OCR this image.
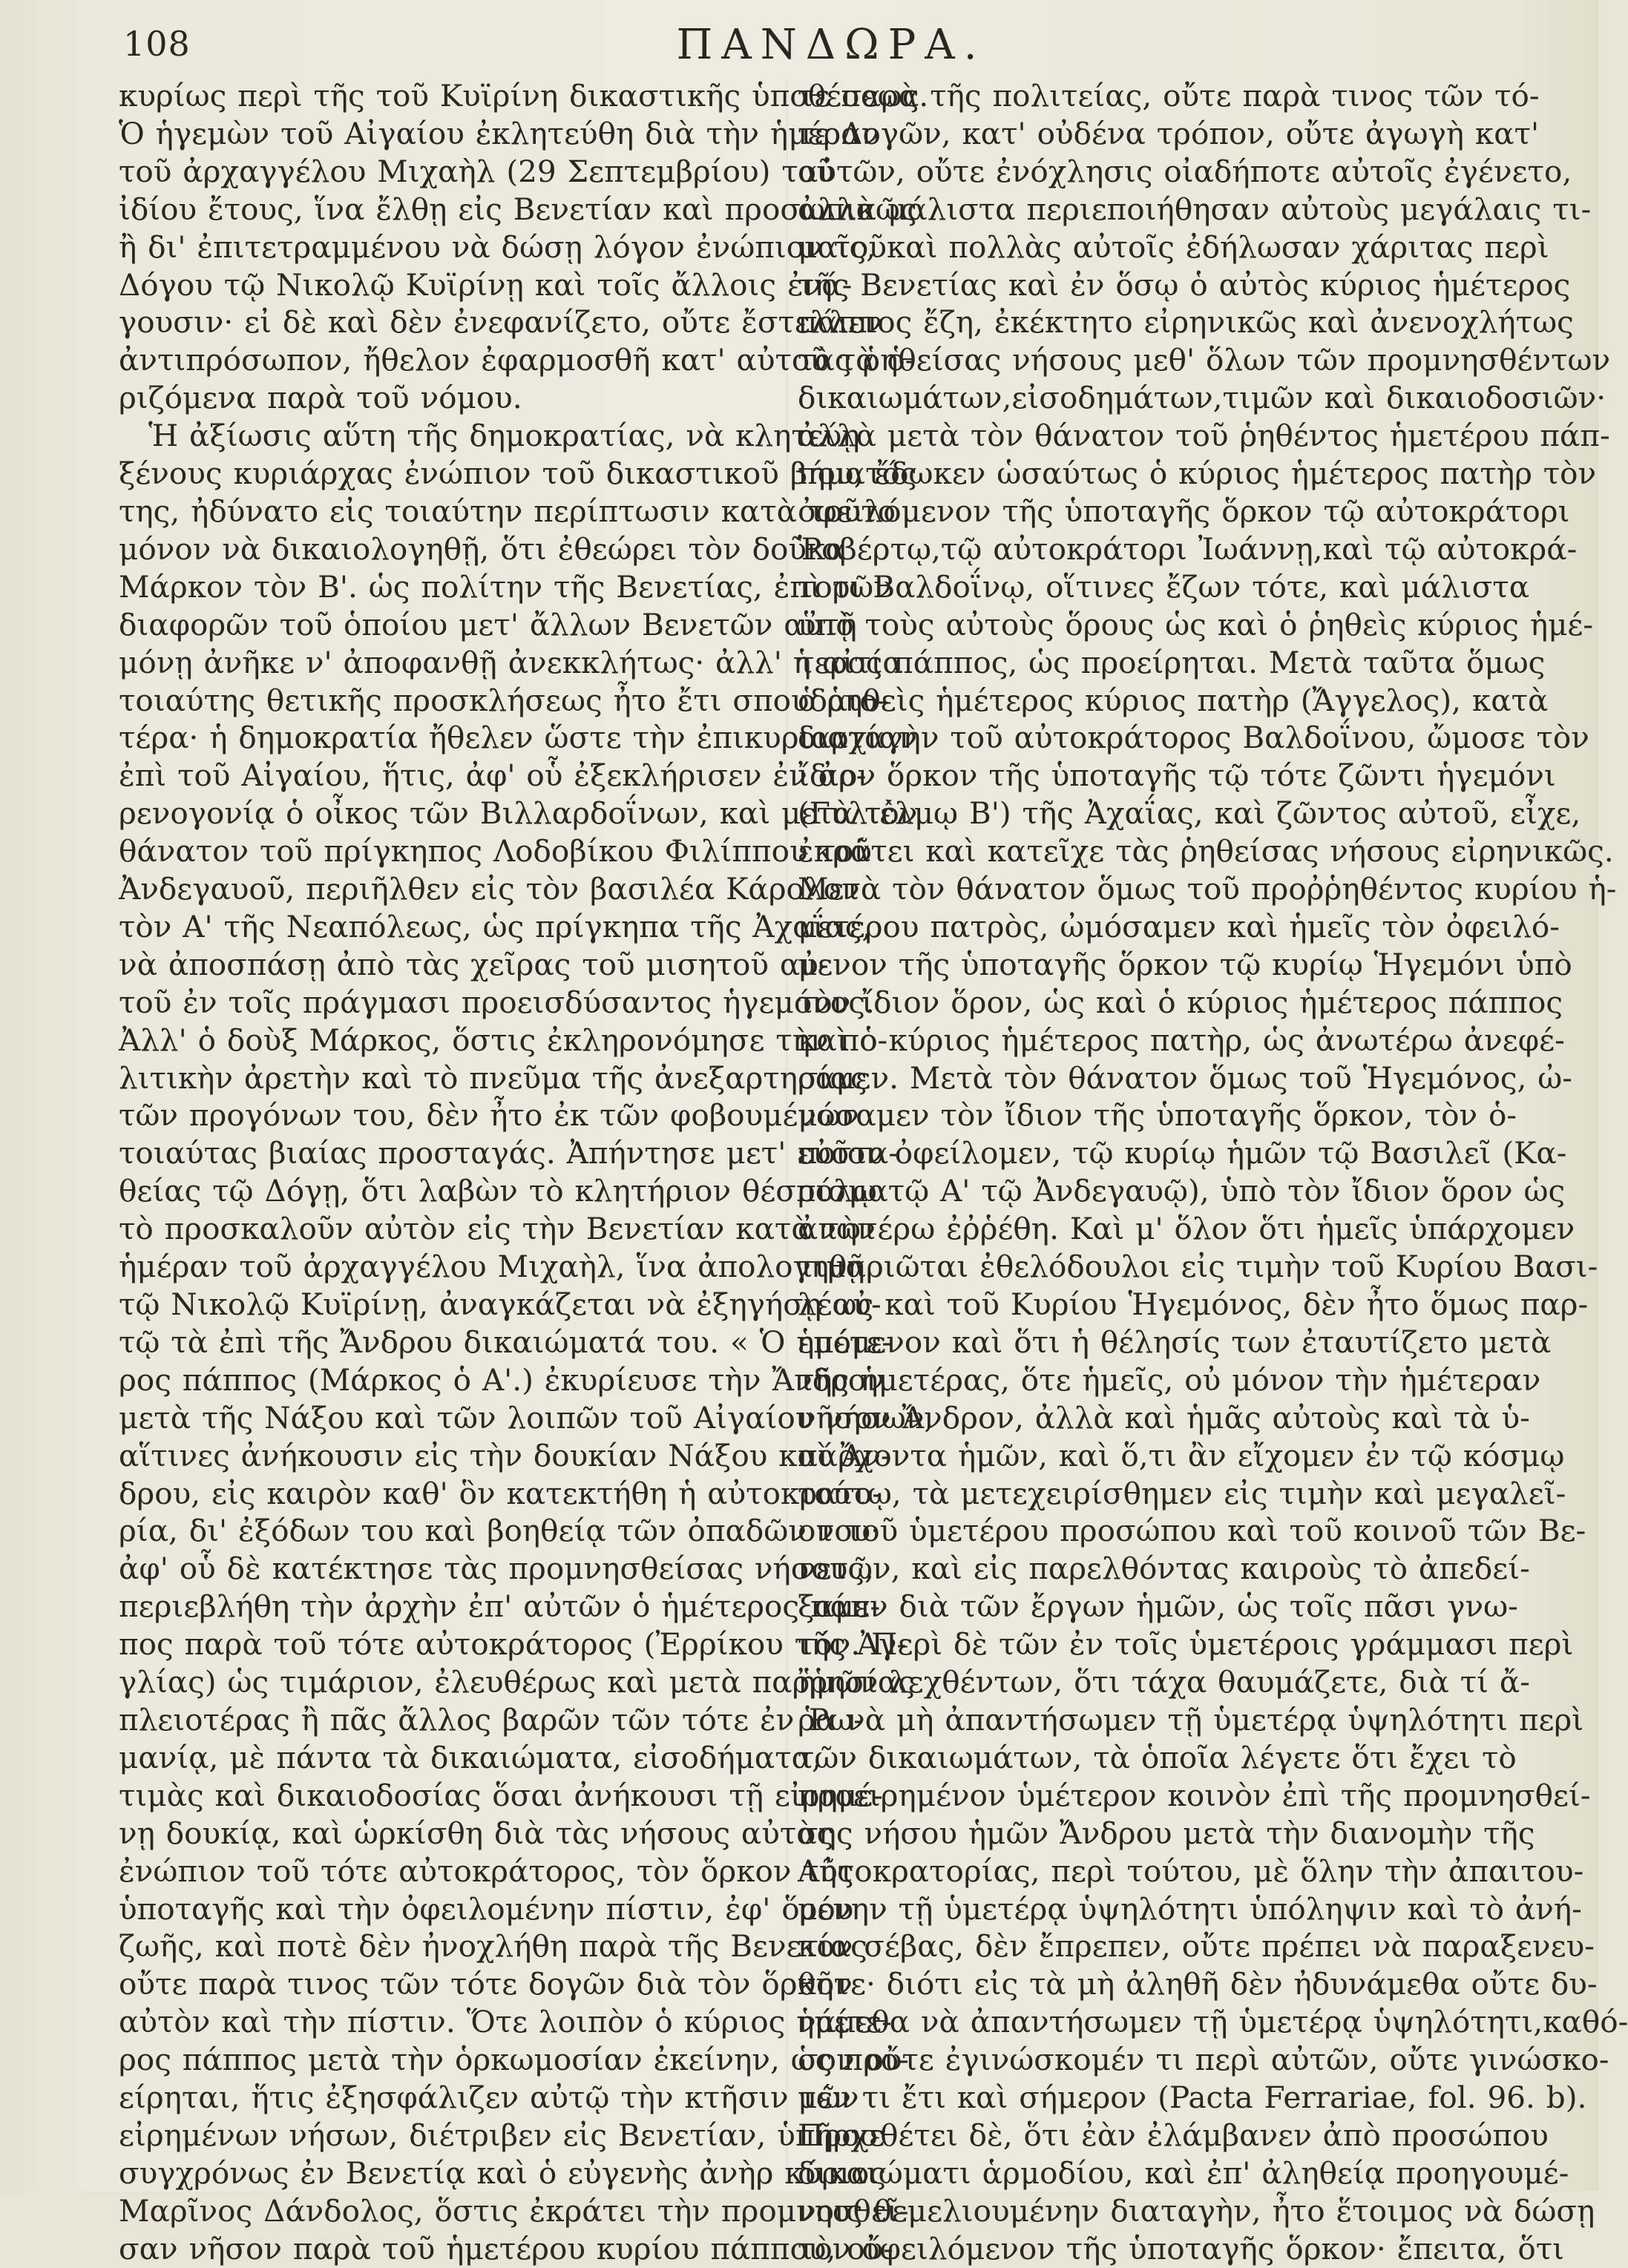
108	ΠΑΝΔΩΡΑ.
κυρίως περὶ τῆς τοῦ Κυϊρίνη δικαστικῆς ὑποθέσεως.
Ὁ ἡγεμὼν τοῦ Αἰγαίου ἐκλητεύθη διὰ τὴν ἡμέραν
τοῦ ἀρχαγγέλου Μιχαὴλ (29 Σεπτεμβρίου) τοῦ
ἰδίου ἔτους, ἵνα ἔλθῃ εἰς Βενετίαν καὶ προσωπικῶς
ἢ δι' ἐπιτετραμμένου νὰ δώσῃ λόγον ἐνώπιον τοῦ
Δόγου τῷ Νικολῷ Κυϊρίνῃ καὶ τοῖς ἄλλοις ἐνά-
γουσιν· εἰ δὲ καὶ δὲν ἐνεφανίζετο, οὔτε ἔστελλεν
ἀντιπρόσωπον, ἤθελον ἐφαρμοσθῆ κατ' αὐτοῦ τὰ ὁ-
ριζόμενα παρὰ τοῦ νόμου.
Ἡ ἀξίωσις αὕτη τῆς δημοκρατίας, νὰ κλητεύῃ
ξένους κυριάρχας ἐνώπιον τοῦ δικαστικοῦ βήματός
της, ἠδύνατο εἰς τοιαύτην περίπτωσιν κατὰ τοῦτο
μόνον νὰ δικαιολογηθῇ, ὅτι ἐθεώρει τὸν δοῦκα
Μάρκον τὸν Β'. ὡς πολίτην τῆς Βενετίας, ἐπὶ τῶν
διαφορῶν τοῦ ὁποίου μετ' ἄλλων Βενετῶν αὐτῇ
μόνῃ ἀνῆκε ν' ἀποφανθῇ ἀνεκκλήτως· ἀλλ' ἡ αἰτία
τοιαύτης θετικῆς προσκλήσεως ἦτο ἔτι σπουδαιο-
τέρα· ἡ δημοκρατία ἤθελεν ὥστε τὴν ἐπικυριαρχίαν
ἐπὶ τοῦ Αἰγαίου, ἥτις, ἀφ' οὗ ἐξεκλήρισεν ἐν ἀρ-
ρενογονίᾳ ὁ οἶκος τῶν Βιλλαρδοΐνων, καὶ μετὰ τὸν
θάνατον τοῦ πρίγκηπος Λοδοβίκου Φιλίππου τοῦ
Ἀνδεγαυοῦ, περιῆλθεν εἰς τὸν βασιλέα Κάρολον
τὸν Α' τῆς Νεαπόλεως, ὡς πρίγκηπα τῆς Ἀχαΐας,
νὰ ἀποσπάσῃ ἀπὸ τὰς χεῖρας τοῦ μισητοῦ αὐ-
τοῦ ἐν τοῖς πράγμασι προεισδύσαντος ἡγεμόνος.
Ἀλλ' ὁ δοὺξ Μάρκος, ὅστις ἐκληρονόμησε τὴν πο-
λιτικὴν ἀρετὴν καὶ τὸ πνεῦμα τῆς ἀνεξαρτησίας
τῶν προγόνων του, δὲν ἦτο ἐκ τῶν φοβουμένων
τοιαύτας βιαίας προσταγάς. Ἀπήντησε μετ' εὐστα-
θείας τῷ Δόγῃ, ὅτι λαβὼν τὸ κλητήριον θέσπισμα
τὸ προσκαλοῦν αὐτὸν εἰς τὴν Βενετίαν κατὰ τὴν
ἡμέραν τοῦ ἀρχαγγέλου Μιχαὴλ, ἵνα ἀπολογηθῇ
τῷ Νικολῷ Κυϊρίνῃ, ἀναγκάζεται νὰ ἐξηγήσῃ αὐ-
τῷ τὰ ἐπὶ τῆς Ἄνδρου δικαιώματά του. « Ὁ ἡμέτε-
ρος πάππος (Μάρκος ὁ Α'.) ἐκυρίευσε τὴν Ἄνδρον
μετὰ τῆς Νάξου καὶ τῶν λοιπῶν τοῦ Αἰγαίου νήσων,
αἵτινες ἀνήκουσιν εἰς τὴν δουκίαν Νάξου καὶ Ἄν-
δρου, εἰς καιρὸν καθ' ὃν κατεκτήθη ἡ αὐτοκρατο-
ρία, δι' ἐξόδων του καὶ βοηθείᾳ τῶν ὀπαδῶν του·
ἀφ' οὗ δὲ κατέκτησε τὰς προμνησθείσας νήσους,
περιεβλήθη τὴν ἀρχὴν ἐπ' αὐτῶν ὁ ἡμέτερος πάπ-
πος παρὰ τοῦ τότε αὐτοκράτορος (Ἐρρίκου τῆς Ἀγ-
γλίας) ὡς τιμάριον, ἐλευθέρως καὶ μετὰ παῤῥησίας
πλειοτέρας ἢ πᾶς ἄλλος βαρῶν τῶν τότε ἐν Ῥω-
μανίᾳ, μὲ πάντα τὰ δικαιώματα, εἰσοδήματα,
τιμὰς καὶ δικαιοδοσίας ὅσαι ἀνήκουσι τῇ εἰρημέ-
νῃ δουκίᾳ, καὶ ὡρκίσθη διὰ τὰς νήσους αὐτὰς
ἐνώπιον τοῦ τότε αὐτοκράτορος, τὸν ὅρκον τῆς
ὑποταγῆς καὶ τὴν ὀφειλομένην πίστιν, ἐφ' ὅρου
ζωῆς, καὶ ποτὲ δὲν ἠνοχλήθη παρὰ τῆς Βενετίας
οὔτε παρὰ τινος τῶν τότε δογῶν διὰ τὸν ὅρκον
αὐτὸν καὶ τὴν πίστιν. Ὅτε λοιπὸν ὁ κύριος ἡμέτε-
ρος πάππος μετὰ τὴν ὁρκωμοσίαν ἐκείνην, ὡς προ-
είρηται, ἥτις ἐξησφάλιζεν αὐτῷ τὴν κτῆσιν τῶν
εἰρημένων νήσων, διέτριβεν εἰς Βενετίαν, ὑπῆρχε
συγχρόνως ἐν Βενετίᾳ καὶ ὁ εὐγενὴς ἀνὴρ κύριος
Μαρῖνος Δάνδολος, ὅστις ἐκράτει τὴν προμνησθεῖ-
σαν νῆσον παρὰ τοῦ ἡμετέρου κυρίου πάππου, οὔ-
τε παρὰ τῆς πολιτείας, οὔτε παρὰ τινος τῶν τό-
τε Δογῶν, κατ' οὐδένα τρόπον, οὔτε ἀγωγὴ κατ'
αὐτῶν, οὔτε ἐνόχλησις οἰαδήποτε αὐτοῖς ἐγένετο,
ἀλλὰ μάλιστα περιεποιήθησαν αὐτοὺς μεγάλαις τι-
μαῖς, καὶ πολλὰς αὐτοῖς ἐδήλωσαν χάριτας περὶ
τῆς Βενετίας καὶ ἐν ὅσῳ ὁ αὐτὸς κύριος ἡμέτερος
πάππος ἔζη, ἐκέκτητο εἰρηνικῶς καὶ ἀνενοχλήτως
τὰς ῥηθείσας νήσους μεθ' ὅλων τῶν προμνησθέντων
δικαιωμάτων,εἰσοδημάτων,τιμῶν καὶ δικαιοδοσιῶν·
ἀλλὰ μετὰ τὸν θάνατον τοῦ ῥηθέντος ἡμετέρου πάπ-
που, ἔδωκεν ὡσαύτως ὁ κύριος ἡμέτερος πατὴρ τὸν
ὀφειλόμενον τῆς ὑποταγῆς ὅρκον τῷ αὐτοκράτορι
Ῥοβέρτῳ,τῷ αὐτοκράτορι Ἰωάννῃ,καὶ τῷ αὐτοκρά-
τορι Βαλδοΐνῳ, οἵτινες ἔζων τότε, καὶ μάλιστα
ὑπὸ τοὺς αὐτοὺς ὅρους ὡς καὶ ὁ ῥηθεὶς κύριος ἡμέ-
τερος πάππος, ὡς προείρηται. Μετὰ ταῦτα ὅμως
ὁ ῥηθεὶς ἡμέτερος κύριος πατὴρ (Ἄγγελος), κατὰ
διαταγὴν τοῦ αὐτοκράτορος Βαλδοΐνου, ὤμοσε τὸν
ἴδιον ὅρκον τῆς ὑποταγῆς τῷ τότε ζῶντι ἡγεμόνι
(Γυλιέλμῳ Β') τῆς Ἀχαΐας, καὶ ζῶντος αὐτοῦ, εἶχε,
ἐκράτει καὶ κατεῖχε τὰς ῥηθείσας νήσους εἰρηνικῶς.
Μετὰ τὸν θάνατον ὅμως τοῦ προῤῥηθέντος κυρίου ἡ-
μετέρου πατρὸς, ὠμόσαμεν καὶ ἡμεῖς τὸν ὀφειλό-
μενον τῆς ὑποταγῆς ὅρκον τῷ κυρίῳ Ἡγεμόνι ὑπὸ
τὸν ἴδιον ὅρον, ὡς καὶ ὁ κύριος ἡμέτερος πάππος
καὶ ὁ κύριος ἡμέτερος πατὴρ, ὡς ἀνωτέρω ἀνεφέ-
ραμεν. Μετὰ τὸν θάνατον ὅμως τοῦ Ἡγεμόνος, ὠ-
μόσαμεν τὸν ἴδιον τῆς ὑποταγῆς ὅρκον, τὸν ὁ-
ποῖον ὀφείλομεν, τῷ κυρίῳ ἡμῶν τῷ Βασιλεῖ (Κα-
ρόλῳ τῷ Α' τῷ Ἀνδεγαυῷ), ὑπὸ τὸν ἴδιον ὅρον ὡς
ἀνωτέρω ἐῤῥέθη. Καὶ μ' ὅλον ὅτι ἡμεῖς ὑπάρχομεν
τιμαριῶται ἐθελόδουλοι εἰς τιμὴν τοῦ Κυρίου Βασι-
λέως καὶ τοῦ Κυρίου Ἡγεμόνος, δὲν ἦτο ὅμως παρ-
επόμενον καὶ ὅτι ἡ θέλησίς των ἐταυτίζετο μετὰ
τῆς ἡμετέρας, ὅτε ἡμεῖς, οὐ μόνον τὴν ἡμέτεραν
νῆσον Ἄνδρον, ἀλλὰ καὶ ἡμᾶς αὐτοὺς καὶ τὰ ὑ-
πάρχοντα ἡμῶν, καὶ ὅ,τι ἂν εἴχομεν ἐν τῷ κόσμῳ
τούτῳ, τὰ μετεχειρίσθημεν εἰς τιμὴν καὶ μεγαλεῖ-
ον τοῦ ὑμετέρου προσώπου καὶ τοῦ κοινοῦ τῶν Βε-
νετῶν, καὶ εἰς παρελθόντας καιροὺς τὸ ἀπεδεί-
ξαμεν διὰ τῶν ἔργων ἡμῶν, ὡς τοῖς πᾶσι γνω-
τόν. Περὶ δὲ τῶν ἐν τοῖς ὑμετέροις γράμμασι περὶ
ἡμῶν λεχθέντων, ὅτι τάχα θαυμάζετε, διὰ τί ἄ-
ρα νὰ μὴ ἀπαντήσωμεν τῇ ὑμετέρᾳ ὑψηλότητι περὶ
τῶν δικαιωμάτων, τὰ ὁποῖα λέγετε ὅτι ἔχει τὸ
προειρημένον ὑμέτερον κοινὸν ἐπὶ τῆς προμνησθεί-
σης νήσου ἡμῶν Ἄνδρου μετὰ τὴν διανομὴν τῆς
Αὐτοκρατορίας, περὶ τούτου, μὲ ὅλην τὴν ἀπαιτου-
μένην τῇ ὑμετέρᾳ ὑψηλότητι ὑπόληψιν καὶ τὸ ἀνή-
κον σέβας, δὲν ἔπρεπεν, οὔτε πρέπει νὰ παραξενευ-
θῆτε· διότι εἰς τὰ μὴ ἀληθῆ δὲν ἠδυνάμεθα οὔτε δυ-
νάμεθα νὰ ἀπαντήσωμεν τῇ ὑμετέρᾳ ὑψηλότητι,καθό-
σον οὔτε ἐγινώσκομέν τι περὶ αὐτῶν, οὔτε γινώσκο-
μέν τι ἔτι καὶ σήμερον (Pacta Ferrariae, fol. 96. b).
Προσθέτει δὲ, ὅτι ἐὰν ἐλάμβανεν ἀπὸ προσώπου
δικαιώματι ἁρμοδίου, καὶ ἐπ' ἀληθείᾳ προηγουμέ-
νοις θεμελιουμένην διαταγὴν, ἦτο ἕτοιμος νὰ δώσῃ
τὸν ὀφειλόμενον τῆς ὑποταγῆς ὅρκον· ἔπειτα, ὅτι
